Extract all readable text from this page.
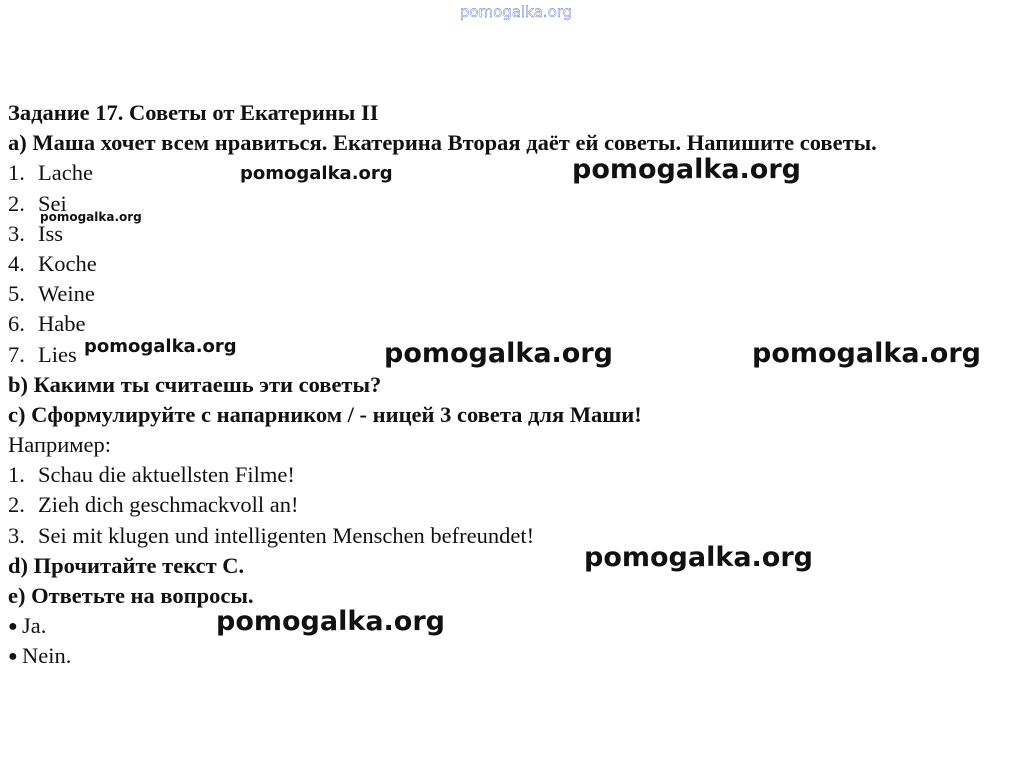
pomogalka.org
Задание 17. Советы от Екатерины II
a) Маша хочет всем нравиться. Екатерина Вторая даёт ей советы. Напишите советы.
1. Lache
2. Sei
3. Iss
4. Koche
5. Weine
6. Habe
7. Lies
b) Какими ты считаешь эти советы?
c) Сформулируйте с напарником / - ницей 3 совета для Маши!
Например:
1. Schau die aktuellsten Filme!
2. Zieh dich geschmackvoll an!
3. Sei mit klugen und intelligenten Menschen befreundet!
d) Прочитайте текст С.
e) Ответьте на вопросы.
● Ja.
● Nein.
pomogalka.org	pomogalka.org
pomogalka.org
pomogalka.org	pomogalka.org	pomogalka.org
pomogalka.org
pomogalka.org
